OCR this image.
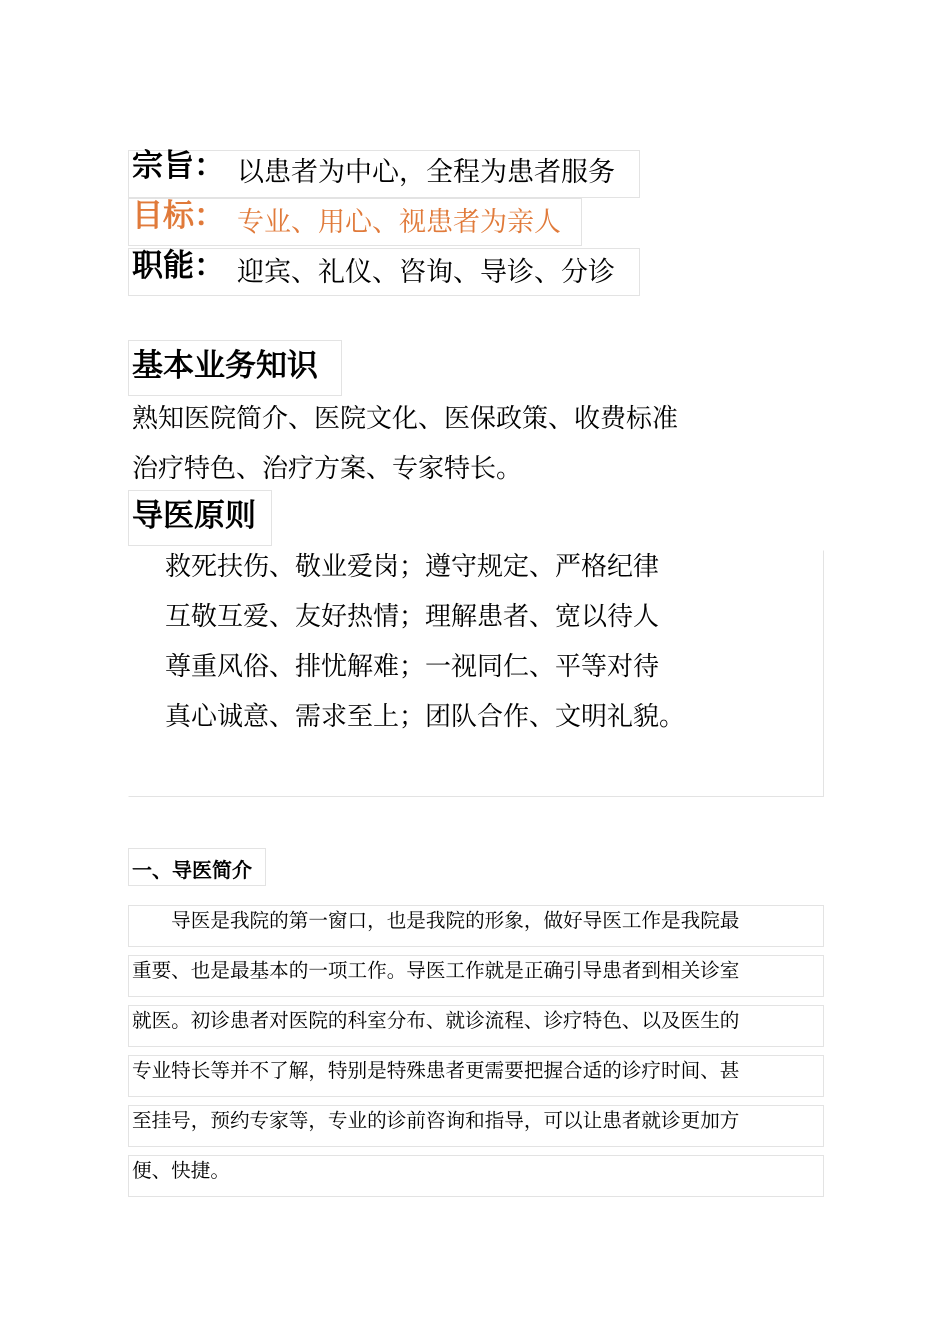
宗旨： 以患者为中心，全程为患者服务
目标： 专业、用心、视患者为亲人
职能： 迎宾、礼仪、咨询、导诊、分诊
基本业务知识
熟知医院简介、医院文化、医保政策、收费标准
治疗特色、治疗方案、专家特长。
导医原则
救死扶伤、敬业爱岗；遵守规定、严格纪律
互敬互爱、友好热情；理解患者、宽以待人
尊重风俗、排忧解难；一视同仁、平等对待
真心诚意、需求至上；团队合作、文明礼貌。
一、导医简介
　　导医是我院的第一窗口，也是我院的形象，做好导医工作是我院最
重要、也是最基本的一项工作。导医工作就是正确引导患者到相关诊室
就医。初诊患者对医院的科室分布、就诊流程、诊疗特色、以及医生的
专业特长等并不了解，特别是特殊患者更需要把握合适的诊疗时间、甚
至挂号，预约专家等，专业的诊前咨询和指导，可以让患者就诊更加方
便、快捷。
